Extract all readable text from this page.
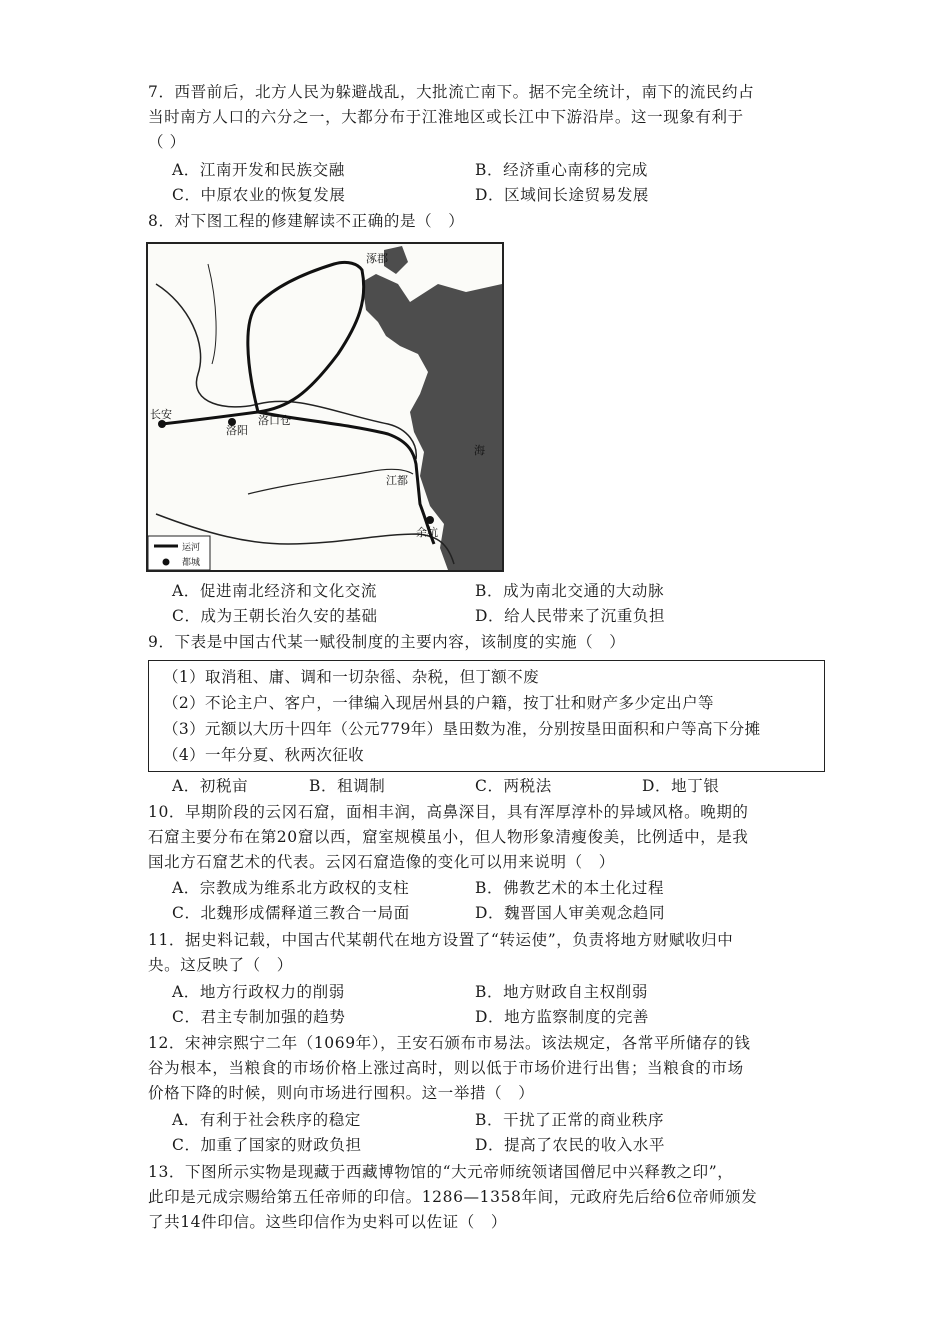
7．西晋前后，北方人民为躲避战乱，大批流亡南下。据不完全统计，南下的流民约占
当时南方人口的六分之一，大都分布于江淮地区或长江中下游沿岸。这一现象有利于
（ ）
A．江南开发和民族交融	B．经济重心南移的完成
C．中原农业的恢复发展	D．区域间长途贸易发展
8．对下图工程的修建解读不正确的是（　）
长安
洛阳
洛口仓
涿郡
江都
余杭
海
运河
都城
A．促进南北经济和文化交流	B．成为南北交通的大动脉
C．成为王朝长治久安的基础	D．给人民带来了沉重负担
9．下表是中国古代某一赋役制度的主要内容，该制度的实施（　）
（1）取消租、庸、调和一切杂徭、杂税，但丁额不废
（2）不论主户、客户，一律编入现居州县的户籍，按丁壮和财产多少定出户等
（3）元额以大历十四年（公元779年）垦田数为准，分别按垦田面积和户等高下分摊
（4）一年分夏、秋两次征收
A．初税亩	B．租调制	C．两税法	D．地丁银
10．早期阶段的云冈石窟，面相丰润，高鼻深目，具有浑厚淳朴的异域风格。晚期的
石窟主要分布在第20窟以西，窟室规模虽小，但人物形象清瘦俊美，比例适中，是我
国北方石窟艺术的代表。云冈石窟造像的变化可以用来说明（　）
A．宗教成为维系北方政权的支柱	B．佛教艺术的本土化过程
C．北魏形成儒释道三教合一局面	D．魏晋国人审美观念趋同
11．据史料记载，中国古代某朝代在地方设置了“转运使”，负责将地方财赋收归中
央。这反映了（　）
A．地方行政权力的削弱	B．地方财政自主权削弱
C．君主专制加强的趋势	D．地方监察制度的完善
12．宋神宗熙宁二年（1069年），王安石颁布市易法。该法规定，各常平所储存的钱
谷为根本，当粮食的市场价格上涨过高时，则以低于市场价进行出售；当粮食的市场
价格下降的时候，则向市场进行囤积。这一举措（　）
A．有利于社会秩序的稳定	B．干扰了正常的商业秩序
C．加重了国家的财政负担	D．提高了农民的收入水平
13．下图所示实物是现藏于西藏博物馆的“大元帝师统领诸国僧尼中兴释教之印”，
此印是元成宗赐给第五任帝师的印信。1286—1358年间，元政府先后给6位帝师颁发
了共14件印信。这些印信作为史料可以佐证（　）
